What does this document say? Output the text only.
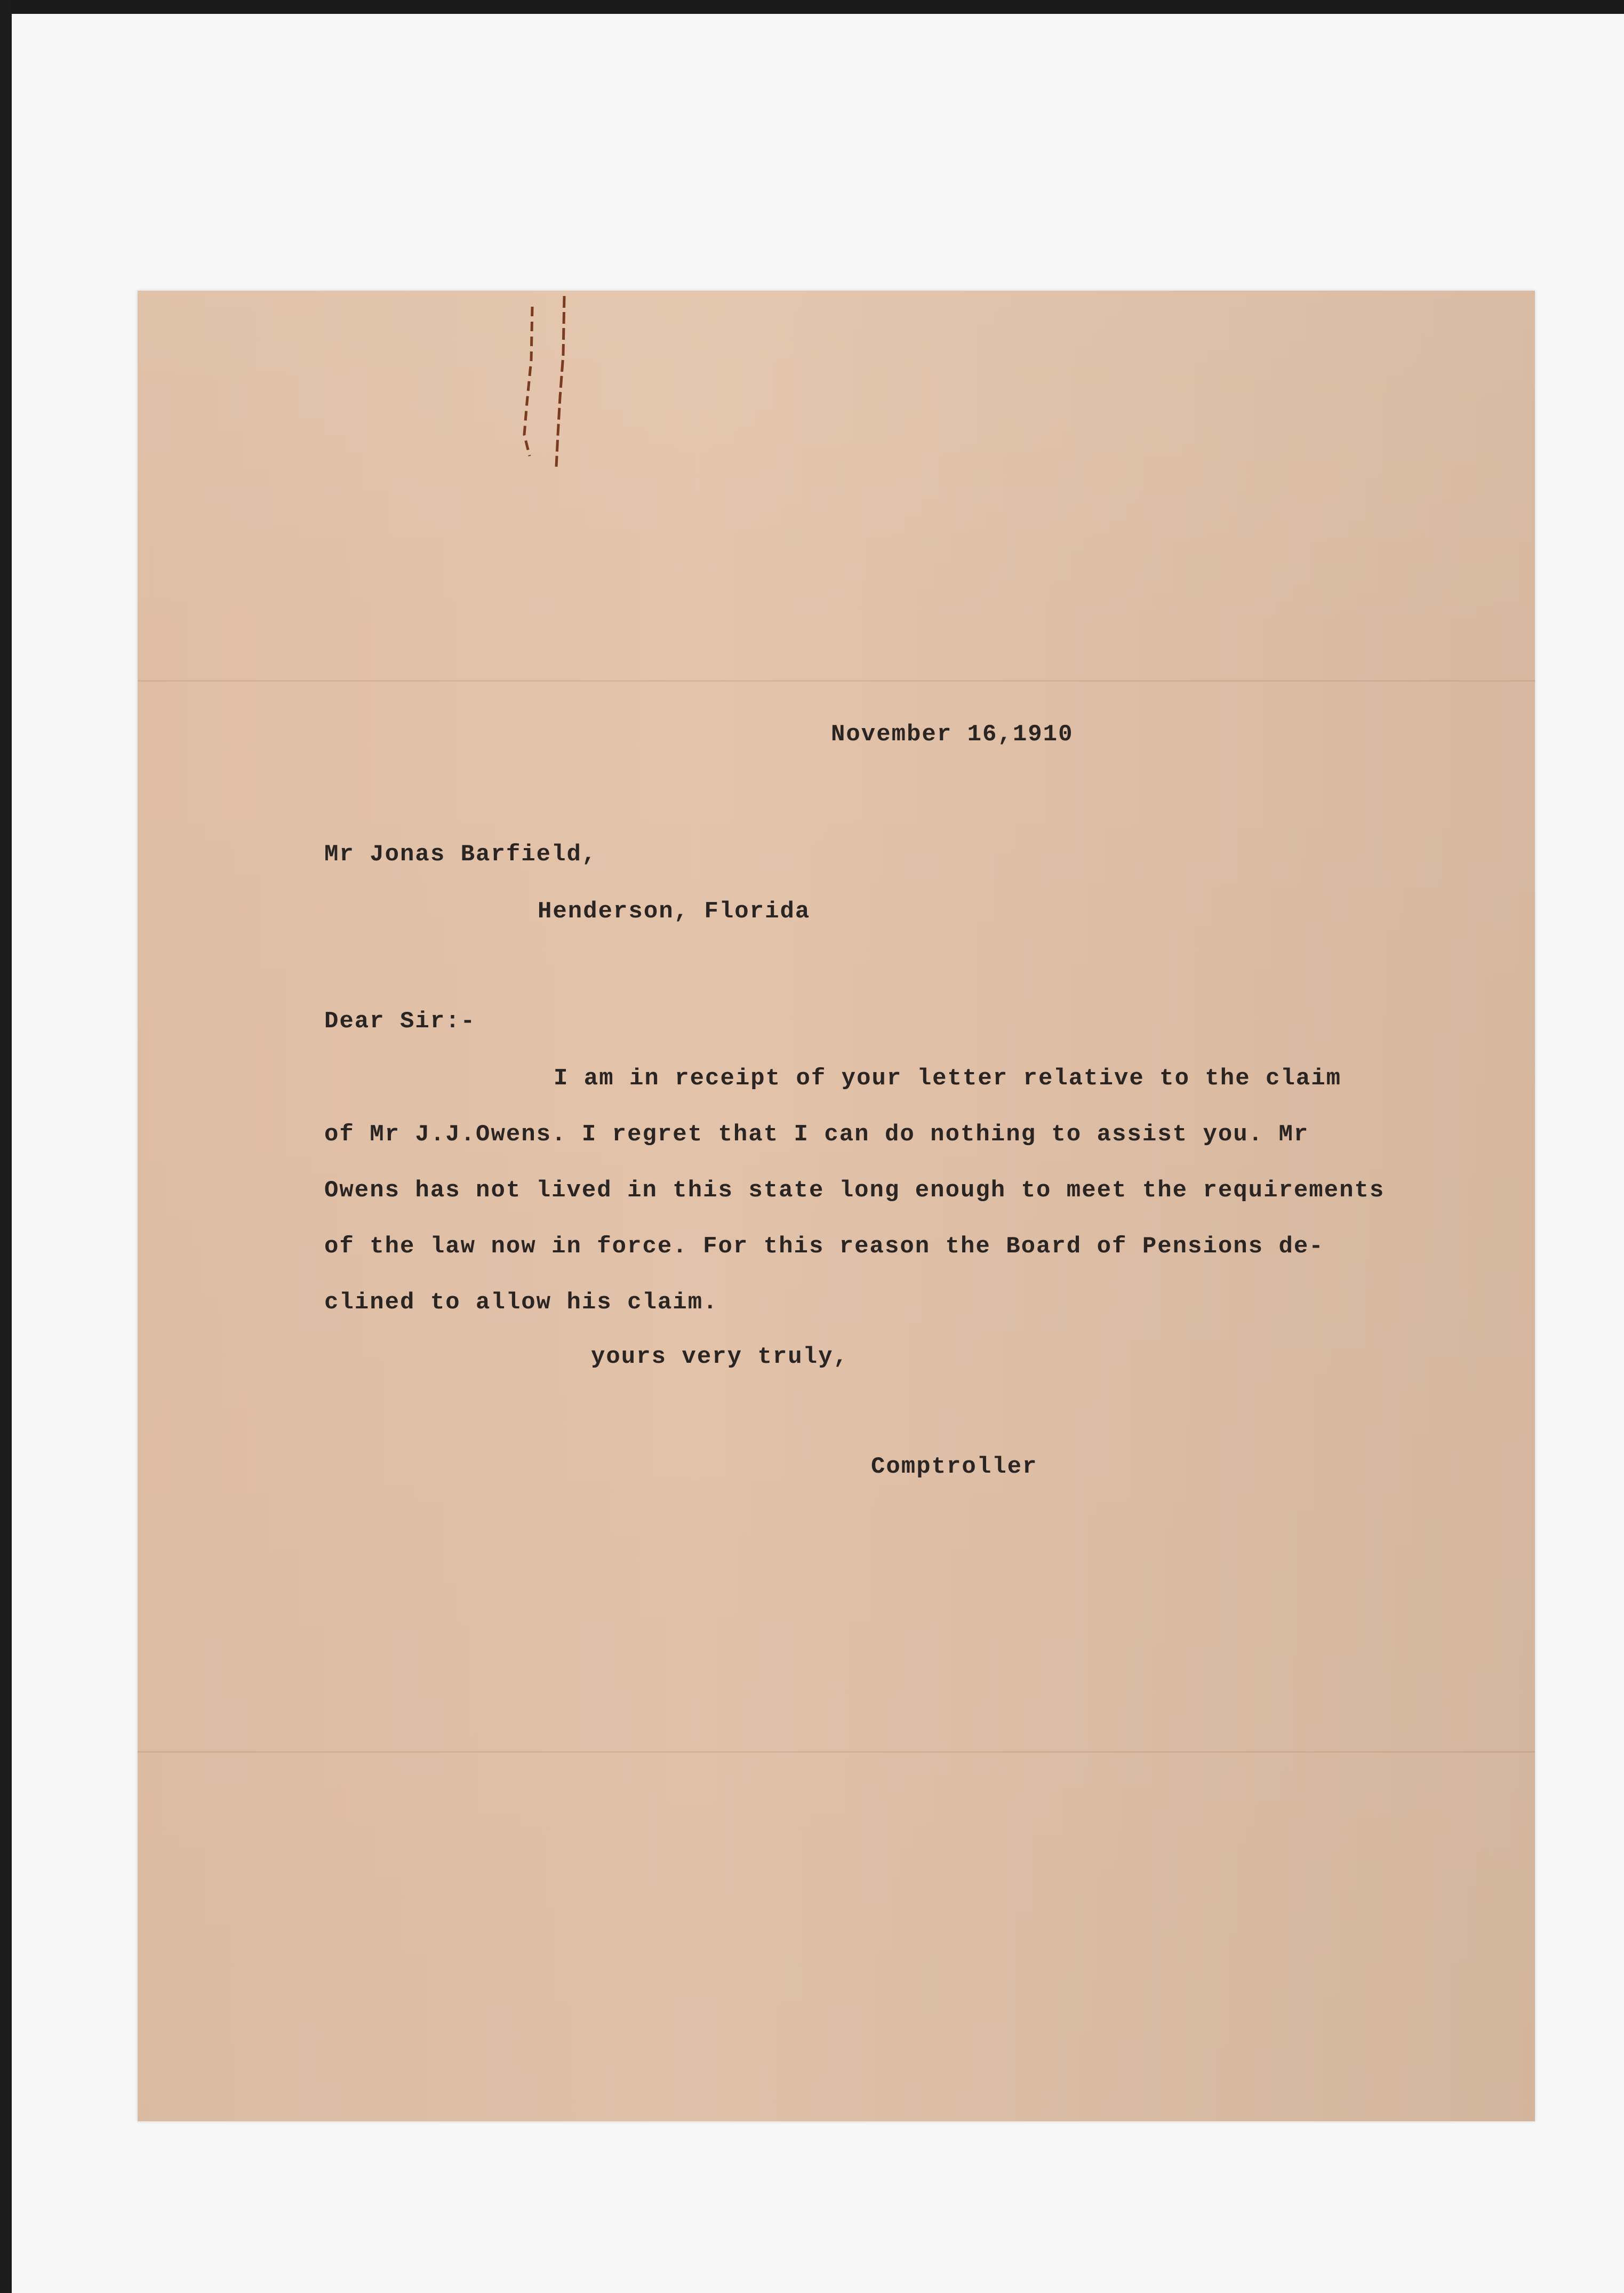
November 16,1910
Mr Jonas Barfield,
Henderson, Florida
Dear Sir:-
I am in receipt of your letter relative to the claim
of Mr J.J.Owens. I regret that I can do nothing to assist you. Mr
Owens has not lived in this state long enough to meet the requirements
of the law now in force. For this reason the Board of Pensions de-
clined to allow his claim.
yours very truly,
Comptroller
